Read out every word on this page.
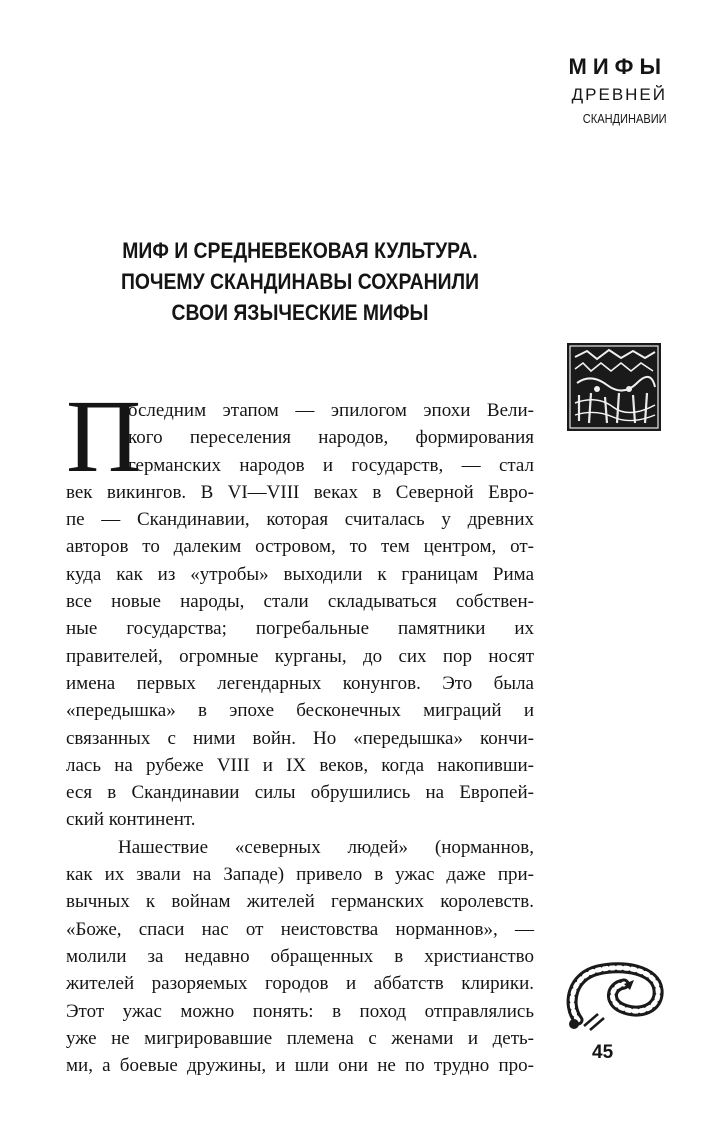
МИФЫ
ДРЕВНЕЙ
СКАНДИНАВИИ
МИФ И СРЕДНЕВЕКОВАЯ КУЛЬТУРА.
ПОЧЕМУ СКАНДИНАВЫ СОХРАНИЛИ
СВОИ ЯЗЫЧЕСКИЕ МИФЫ
П
оследним этапом — эпилогом эпохи Вели-
кого переселения народов, формирования
германских народов и государств, — стал
век викингов. В VI—VIII веках в Северной Евро-
пе — Скандинавии, которая считалась у древних
авторов то далеким островом, то тем центром, от-
куда как из «утробы» выходили к границам Рима
все новые народы, стали складываться собствен-
ные государства; погребальные памятники их
правителей, огромные курганы, до сих пор носят
имена первых легендарных конунгов. Это была
«передышка» в эпохе бесконечных миграций и
связанных с ними войн. Но «передышка» кончи-
лась на рубеже VIII и IX веков, когда накопивши-
еся в Скандинавии силы обрушились на Европей-
ский континент.
Нашествие «северных людей» (норманнов,
как их звали на Западе) привело в ужас даже при-
вычных к войнам жителей германских королевств.
«Боже, спаси нас от неистовства норманнов», —
молили за недавно обращенных в христианство
жителей разоряемых городов и аббатств клирики.
Этот ужас можно понять: в поход отправлялись
уже не мигрировавшие племена с женами и деть-
ми, а боевые дружины, и шли они не по трудно про-
45
